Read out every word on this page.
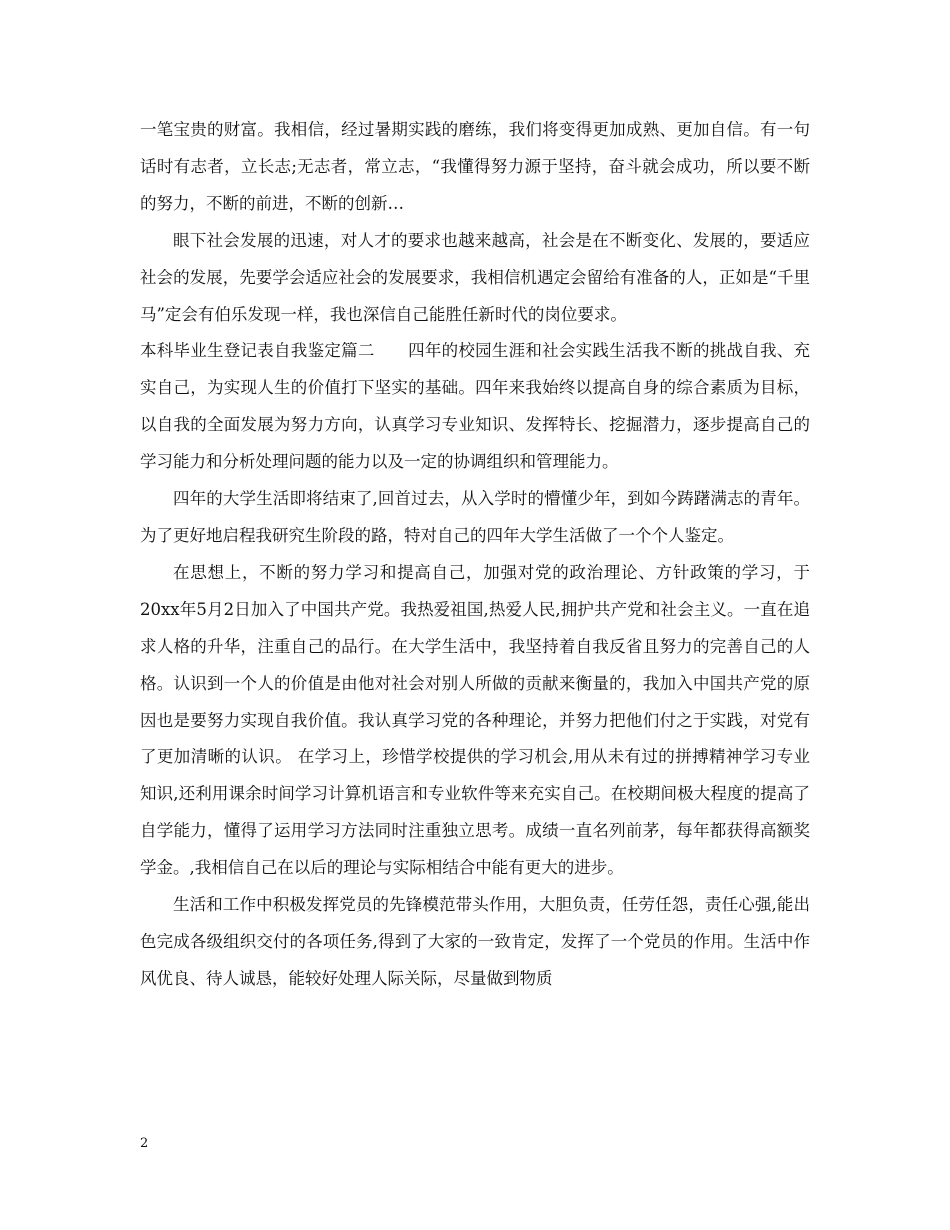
一笔宝贵的财富。我相信，经过暑期实践的磨练，我们将变得更加成熟、更加自信。有一句话时有志者，立长志;无志者，常立志，“我懂得努力源于坚持，奋斗就会成功，所以要不断的努力，不断的前进，不断的创新…

眼下社会发展的迅速，对人才的要求也越来越高，社会是在不断变化、发展的，要适应社会的发展，先要学会适应社会的发展要求，我相信机遇定会留给有准备的人，正如是“千里马”定会有伯乐发现一样，我也深信自己能胜任新时代的岗位要求。

本科毕业生登记表自我鉴定篇二　　四年的校园生涯和社会实践生活我不断的挑战自我、充实自己，为实现人生的价值打下坚实的基础。四年来我始终以提高自身的综合素质为目标，以自我的全面发展为努力方向，认真学习专业知识、发挥特长、挖掘潜力，逐步提高自己的学习能力和分析处理问题的能力以及一定的协调组织和管理能力。

四年的大学生活即将结束了,回首过去，从入学时的懵懂少年，到如今踌躇满志的青年。为了更好地启程我研究生阶段的路，特对自己的四年大学生活做了一个个人鉴定。

在思想上，不断的努力学习和提高自己，加强对党的政治理论、方针政策的学习，于 20xx年5月2日加入了中国共产党。我热爱祖国,热爱人民,拥护共产党和社会主义。一直在追求人格的升华，注重自己的品行。在大学生活中，我坚持着自我反省且努力的完善自己的人格。认识到一个人的价值是由他对社会对别人所做的贡献来衡量的，我加入中国共产党的原因也是要努力实现自我价值。我认真学习党的各种理论，并努力把他们付之于实践，对党有了更加清晰的认识。 在学习上，珍惜学校提供的学习机会,用从未有过的拼搏精神学习专业知识,还利用课余时间学习计算机语言和专业软件等来充实自己。在校期间极大程度的提高了自学能力，懂得了运用学习方法同时注重独立思考。成绩一直名列前茅，每年都获得高额奖学金。,我相信自己在以后的理论与实际相结合中能有更大的进步。

生活和工作中积极发挥党员的先锋模范带头作用，大胆负责，任劳任怨，责任心强,能出色完成各级组织交付的各项任务,得到了大家的一致肯定，发挥了一个党员的作用。生活中作风优良、待人诚恳，能较好处理人际关际，尽量做到物质

2
